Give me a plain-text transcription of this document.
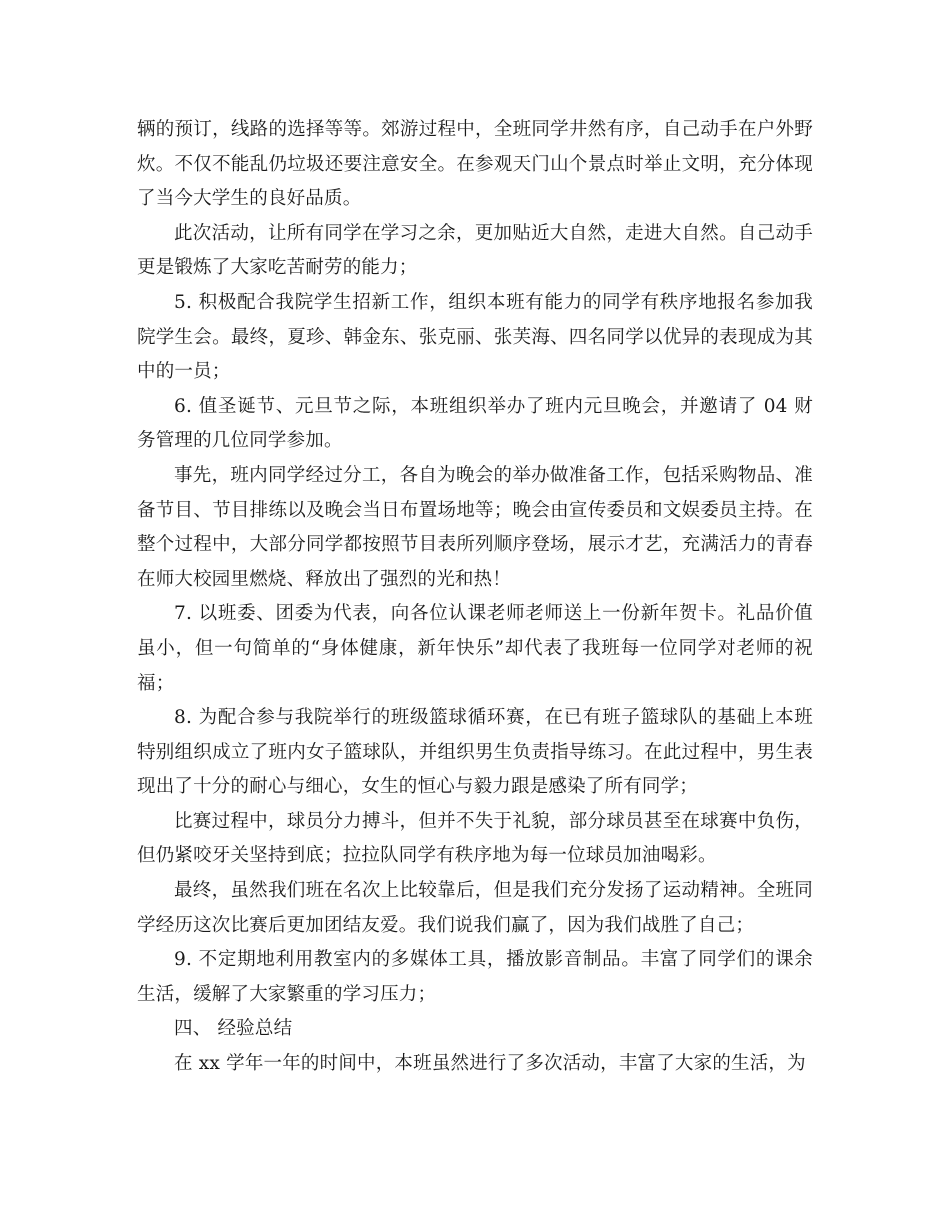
辆的预订，线路的选择等等。郊游过程中，全班同学井然有序，自己动手在户外野炊。不仅不能乱仍垃圾还要注意安全。在参观天门山个景点时举止文明，充分体现了当今大学生的良好品质。

此次活动，让所有同学在学习之余，更加贴近大自然，走进大自然。自己动手更是锻炼了大家吃苦耐劳的能力；

5. 积极配合我院学生招新工作，组织本班有能力的同学有秩序地报名参加我院学生会。最终，夏珍、韩金东、张克丽、张芙海、四名同学以优异的表现成为其中的一员；

6. 值圣诞节、元旦节之际，本班组织举办了班内元旦晚会，并邀请了 04 财务管理的几位同学参加。

事先，班内同学经过分工，各自为晚会的举办做准备工作，包括采购物品、准备节目、节目排练以及晚会当日布置场地等；晚会由宣传委员和文娱委员主持。在整个过程中，大部分同学都按照节目表所列顺序登场，展示才艺，充满活力的青春在师大校园里燃烧、释放出了强烈的光和热！

7. 以班委、团委为代表，向各位认课老师老师送上一份新年贺卡。礼品价值虽小，但一句简单的“身体健康，新年快乐”却代表了我班每一位同学对老师的祝福；

8. 为配合参与我院举行的班级篮球循环赛，在已有班子篮球队的基础上本班特别组织成立了班内女子篮球队，并组织男生负责指导练习。在此过程中，男生表现出了十分的耐心与细心，女生的恒心与毅力跟是感染了所有同学；

比赛过程中，球员分力搏斗，但并不失于礼貌，部分球员甚至在球赛中负伤，但仍紧咬牙关坚持到底；拉拉队同学有秩序地为每一位球员加油喝彩。

最终，虽然我们班在名次上比较靠后，但是我们充分发扬了运动精神。全班同学经历这次比赛后更加团结友爱。我们说我们赢了，因为我们战胜了自己；

9. 不定期地利用教室内的多媒体工具，播放影音制品。丰富了同学们的课余生活，缓解了大家繁重的学习压力；

四、 经验总结

在 xx 学年一年的时间中，本班虽然进行了多次活动，丰富了大家的生活，为
